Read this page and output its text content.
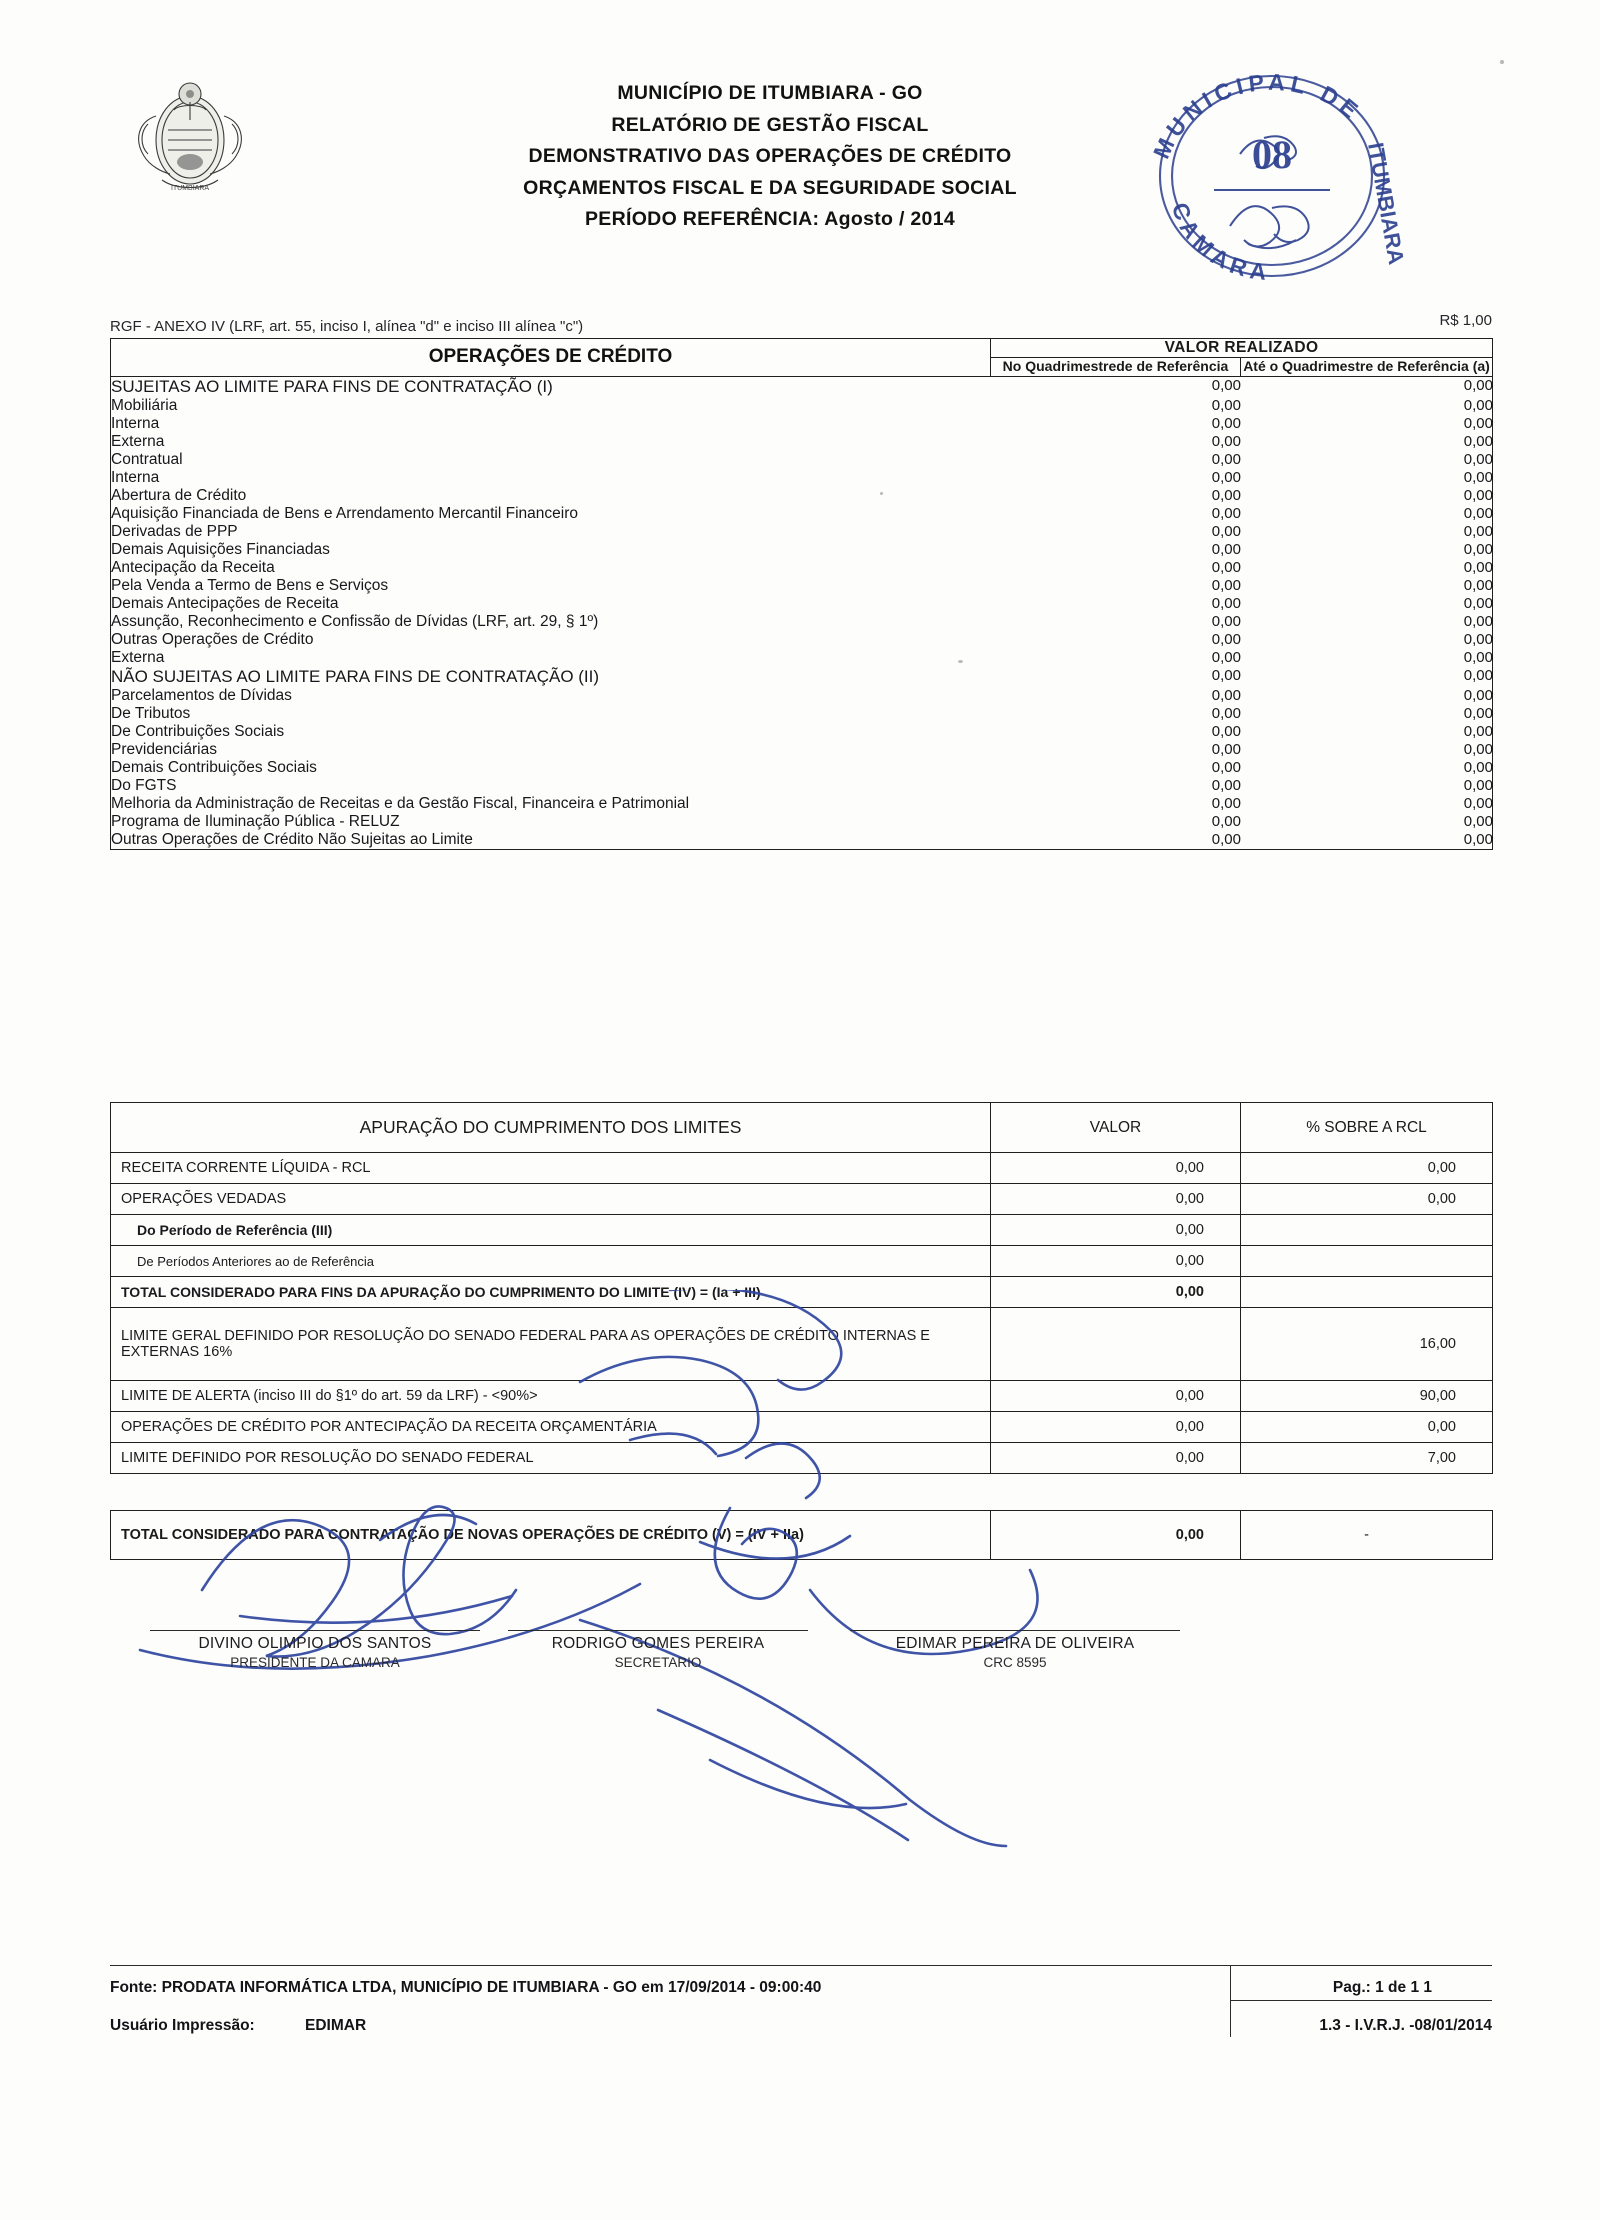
ITUMBIARA
MUNICÍPIO DE ITUMBIARA - GO
RELATÓRIO DE GESTÃO FISCAL
DEMONSTRATIVO DAS OPERAÇÕES DE CRÉDITO
ORÇAMENTOS FISCAL E DA SEGURIDADE SOCIAL
PERÍODO REFERÊNCIA: Agosto / 2014
MUNICIPAL DE
CAMARA
ITUMBIARA
08
RGF - ANEXO IV (LRF, art. 55, inciso I, alínea "d" e inciso III alínea "c")	R$ 1,00
OPERAÇÕES DE CRÉDITO	VALOR REALIZADO
No Quadrimestrede de Referência	Até o Quadrimestre de Referência (a)

SUJEITAS AO LIMITE PARA FINS DE CONTRATAÇÃO (I)	0,00	0,00
Mobiliária	0,00	0,00
Interna	0,00	0,00
Externa	0,00	0,00
Contratual	0,00	0,00
Interna	0,00	0,00
Abertura de Crédito	0,00	0,00
Aquisição Financiada de Bens e Arrendamento Mercantil Financeiro	0,00	0,00
Derivadas de PPP	0,00	0,00
Demais Aquisições Financiadas	0,00	0,00
Antecipação da Receita	0,00	0,00
Pela Venda a Termo de Bens e Serviços	0,00	0,00
Demais Antecipações de Receita	0,00	0,00
Assunção, Reconhecimento e Confissão de Dívidas (LRF, art. 29, § 1º)	0,00	0,00
Outras Operações de Crédito	0,00	0,00
Externa	0,00	0,00
NÃO SUJEITAS AO LIMITE PARA FINS DE CONTRATAÇÃO (II)	0,00	0,00
Parcelamentos de Dívidas	0,00	0,00
De Tributos	0,00	0,00
De Contribuições Sociais	0,00	0,00
Previdenciárias	0,00	0,00
Demais Contribuições Sociais	0,00	0,00
Do FGTS	0,00	0,00
Melhoria da Administração de Receitas e da Gestão Fiscal, Financeira e Patrimonial	0,00	0,00
Programa de Iluminação Pública - RELUZ	0,00	0,00
Outras Operações de Crédito Não Sujeitas ao Limite	0,00	0,00
APURAÇÃO DO CUMPRIMENTO DOS LIMITES	VALOR	% SOBRE A RCL
RECEITA CORRENTE LÍQUIDA - RCL	0,00	0,00
OPERAÇÕES VEDADAS	0,00	0,00
Do Período de Referência (III)	0,00	
De Períodos Anteriores ao de Referência	0,00	
TOTAL CONSIDERADO PARA FINS DA APURAÇÃO DO CUMPRIMENTO DO LIMITE (IV) = (Ia + III)	0,00	
LIMITE GERAL DEFINIDO POR RESOLUÇÃO DO SENADO FEDERAL PARA AS OPERAÇÕES DE CRÉDITO INTERNAS E EXTERNAS 16%		16,00
LIMITE DE ALERTA (inciso III do §1º do art. 59 da LRF) - <90%>	0,00	90,00
OPERAÇÕES DE CRÉDITO POR ANTECIPAÇÃO DA RECEITA ORÇAMENTÁRIA	0,00	0,00
LIMITE DEFINIDO POR RESOLUÇÃO DO SENADO FEDERAL	0,00	7,00
TOTAL CONSIDERADO PARA CONTRATAÇÃO DE NOVAS OPERAÇÕES DE CRÉDITO (V) = (IV + IIa)	0,00	-
DIVINO OLIMPIO DOS SANTOS
PRESIDENTE DA CAMARA
RODRIGO GOMES PEREIRA
SECRETARIO
EDIMAR PEREIRA DE OLIVEIRA
CRC 8595
Fonte: PRODATA INFORMÁTICA LTDA, MUNICÍPIO DE ITUMBIARA - GO em 17/09/2014 - 09:00:40
Usuário Impressão:	EDIMAR
Pag.: 1 de 1 1
1.3 - I.V.R.J. -08/01/2014
